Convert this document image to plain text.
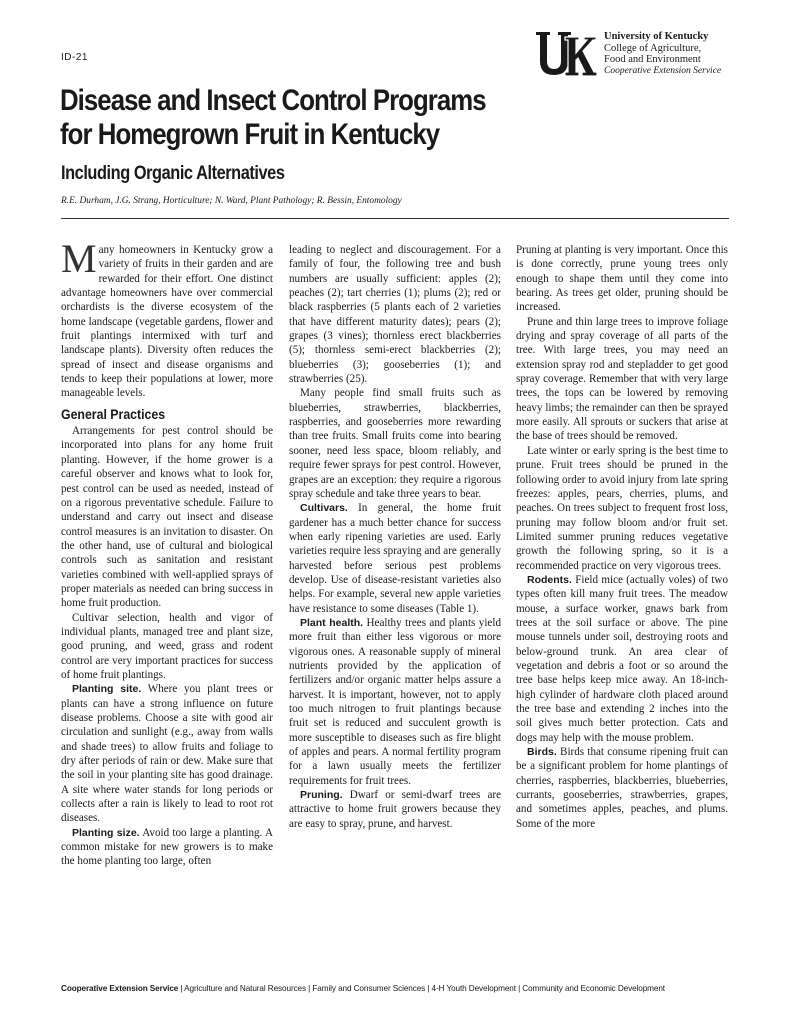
ID-21
University of Kentucky
College of Agriculture,
Food and Environment
Cooperative Extension Service
Disease and Insect Control Programs
for Homegrown Fruit in Kentucky
Including Organic Alternatives
R.E. Durham, J.G. Strang, Horticulture; N. Ward, Plant Pathology; R. Bessin, Entomology

Many homeowners in Kentucky grow a variety of fruits in their garden and are rewarded for their effort. One distinct advantage homeowners have over commercial orchardists is the diverse ecosystem of the home landscape (vegetable gardens, flower and fruit plantings intermixed with turf and landscape plants). Diversity often reduces the spread of insect and disease organisms and tends to keep their populations at lower, more manageable levels.

General Practices

Arrangements for pest control should be incorporated into plans for any home fruit planting. However, if the home grower is a careful observer and knows what to look for, pest control can be used as needed, instead of on a rigorous preventative schedule. Failure to understand and carry out insect and disease control measures is an invitation to disaster. On the other hand, use of cultural and biological controls such as sanitation and resistant varieties combined with well-applied sprays of proper materials as needed can bring success in home fruit production.

Cultivar selection, health and vigor of individual plants, managed tree and plant size, good pruning, and weed, grass and rodent control are very important practices for success of home fruit plantings.

Planting site. Where you plant trees or plants can have a strong influence on future disease problems. Choose a site with good air circulation and sunlight (e.g., away from walls and shade trees) to allow fruits and foliage to dry after periods of rain or dew. Make sure that the soil in your planting site has good drainage. A site where water stands for long periods or collects after a rain is likely to lead to root rot diseases.

Planting size. Avoid too large a planting. A common mistake for new growers is to make the home planting too large, often

leading to neglect and discouragement. For a family of four, the following tree and bush numbers are usually sufficient: apples (2); peaches (2); tart cherries (1); plums (2); red or black raspberries (5 plants each of 2 varieties that have different maturity dates); pears (2); grapes (3 vines); thornless erect blackberries (5); thornless semi-erect blackberries (2); blueberries (3); gooseberries (1); and strawberries (25).

Many people find small fruits such as blueberries, strawberries, blackberries, raspberries, and gooseberries more rewarding than tree fruits. Small fruits come into bearing sooner, need less space, bloom reliably, and require fewer sprays for pest control. However, grapes are an exception: they require a rigorous spray schedule and take three years to bear.

Cultivars. In general, the home fruit gardener has a much better chance for success when early ripening varieties are used. Early varieties require less spraying and are generally harvested before serious pest problems develop. Use of disease-resistant varieties also helps. For example, several new apple varieties have resistance to some diseases (Table 1).

Plant health. Healthy trees and plants yield more fruit than either less vigorous or more vigorous ones. A reasonable supply of mineral nutrients provided by the application of fertilizers and/or organic matter helps assure a harvest. It is important, however, not to apply too much nitrogen to fruit plantings because fruit set is reduced and succulent growth is more susceptible to diseases such as fire blight of apples and pears. A normal fertility program for a lawn usually meets the fertilizer requirements for fruit trees.

Pruning. Dwarf or semi-dwarf trees are attractive to home fruit growers because they are easy to spray, prune, and harvest.

Pruning at planting is very important. Once this is done correctly, prune young trees only enough to shape them until they come into bearing. As trees get older, pruning should be increased.

Prune and thin large trees to improve foliage drying and spray coverage of all parts of the tree. With large trees, you may need an extension spray rod and stepladder to get good spray coverage. Remember that with very large trees, the tops can be lowered by removing heavy limbs; the remainder can then be sprayed more easily. All sprouts or suckers that arise at the base of trees should be removed.

Late winter or early spring is the best time to prune. Fruit trees should be pruned in the following order to avoid injury from late spring freezes: apples, pears, cherries, plums, and peaches. On trees subject to frequent frost loss, pruning may follow bloom and/or fruit set. Limited summer pruning reduces vegetative growth the following spring, so it is a recommended practice on very vigorous trees.

Rodents. Field mice (actually voles) of two types often kill many fruit trees. The meadow mouse, a surface worker, gnaws bark from trees at the soil surface or above. The pine mouse tunnels under soil, destroying roots and below-ground trunk. An area clear of vegetation and debris a foot or so around the tree base helps keep mice away. An 18-inch-high cylinder of hardware cloth placed around the tree base and extending 2 inches into the soil gives much better protection. Cats and dogs may help with the mouse problem.

Birds. Birds that consume ripening fruit can be a significant problem for home plantings of cherries, raspberries, blackberries, blueberries, currants, gooseberries, strawberries, grapes, and sometimes apples, peaches, and plums. Some of the more

Cooperative Extension Service | Agriculture and Natural Resources | Family and Consumer Sciences | 4-H Youth Development | Community and Economic Development
